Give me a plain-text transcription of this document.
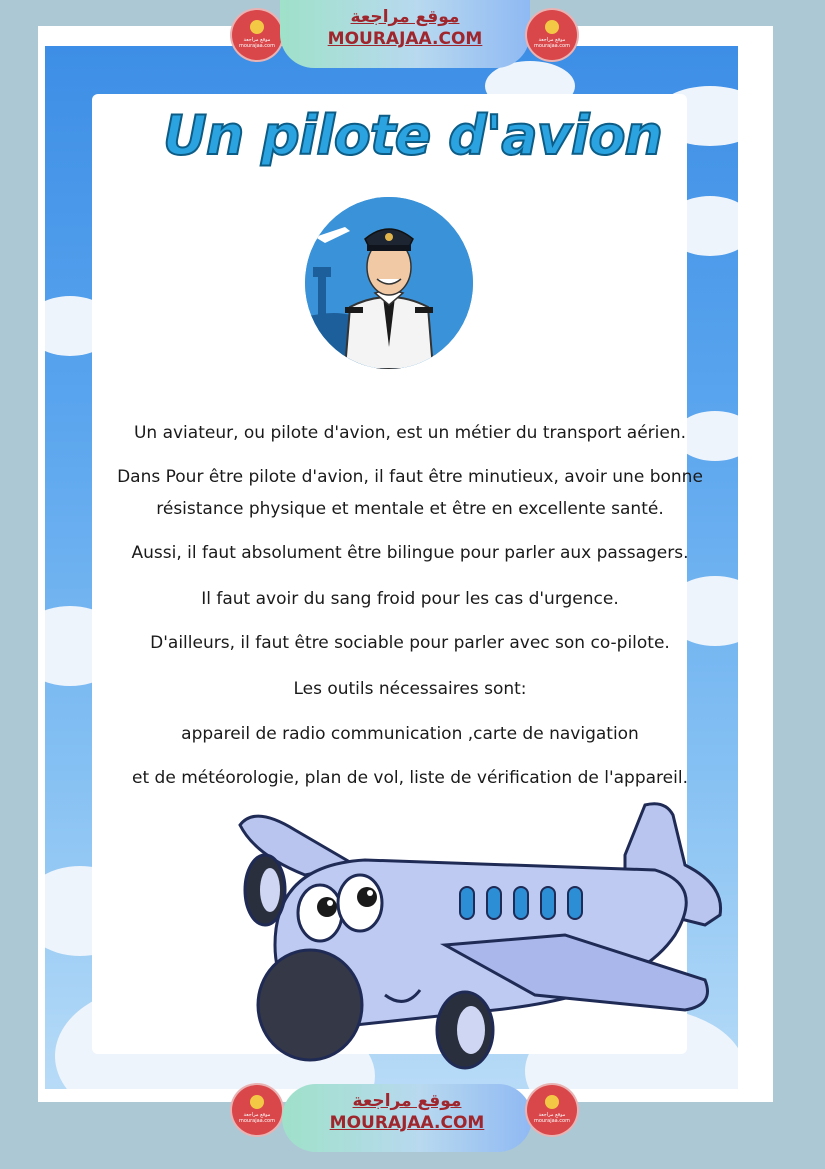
Un pilote d'avion
Un aviateur, ou pilote d'avion, est un métier du transport aérien.
Dans Pour être pilote d'avion, il faut être minutieux, avoir une bonne
résistance physique et mentale et être en excellente santé.
Aussi, il faut absolument être bilingue pour parler aux passagers.
Il faut avoir du sang froid pour les cas d'urgence.
D'ailleurs, il faut être sociable pour parler avec son co-pilote.
Les outils nécessaires sont:
appareil de radio communication ,carte de navigation
et de météorologie, plan de vol, liste de vérification de l'appareil.
موقع مراجعة
mourajaa.com
موقع مراجعة
MOURAJAA.COM	موقع مراجعة
mourajaa.com
موقع مراجعة
mourajaa.com
موقع مراجعة
MOURAJAA.COM	موقع مراجعة
mourajaa.com
